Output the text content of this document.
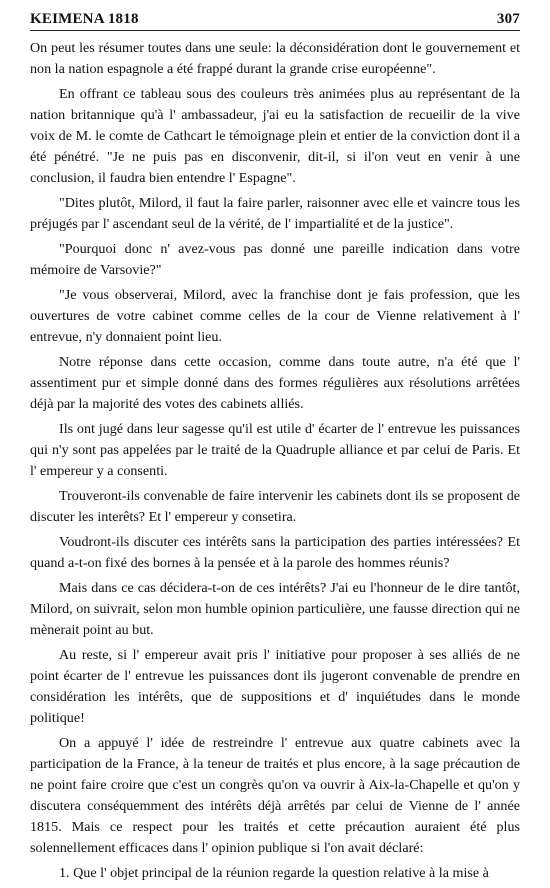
KEIMENA 1818	307

On peut les résumer toutes dans une seule: la déconsidération dont le gouvernement et non la nation espagnole a été frappé durant la grande crise européenne".

En offrant ce tableau sous des couleurs très animées plus au représentant de la nation britannique qu'à l' ambassadeur, j'ai eu la satisfaction de recueilir de la vive voix de M. le comte de Cathcart le témoignage plein et entier de la conviction dont il a été pénétré. "Je ne puis pas en disconvenir, dit-il, si il'on veut en venir à une conclusion, il faudra bien entendre l' Espagne".

"Dites plutôt, Milord, il faut la faire parler, raisonner avec elle et vaincre tous les préjugés par l' ascendant seul de la vérité, de l' impartialité et de la justice".

"Pourquoi donc n' avez-vous pas donné une pareille indication dans votre mémoire de Varsovie?"

"Je vous observerai, Milord, avec la franchise dont je fais profession, que les ouvertures de votre cabinet comme celles de la cour de Vienne relativement à l' entrevue, n'y donnaient point lieu.

Notre réponse dans cette occasion, comme dans toute autre, n'a été que l' assentiment pur et simple donné dans des formes régulières aux résolutions arrêtées déjà par la majorité des votes des cabinets alliés.

Ils ont jugé dans leur sagesse qu'il est utile d' écarter de l' entrevue les puissances qui n'y sont pas appelées par le traité de la Quadruple alliance et par celui de Paris. Et l' empereur y a consenti.

Trouveront-ils convenable de faire intervenir les cabinets dont ils se proposent de discuter les interêts? Et l' empereur y consetira.

Voudront-ils discuter ces intérêts sans la participation des parties intéressées? Et quand a-t-on fixé des bornes à la pensée et à la parole des hommes réunis?

Mais dans ce cas décidera-t-on de ces intérêts? J'ai eu l'honneur de le dire tantôt, Milord, on suivrait, selon mon humble opinion particulière, une fausse direction qui ne mènerait point au but.

Au reste, si l' empereur avait pris l' initiative pour proposer à ses alliés de ne point écarter de l' entrevue les puissances dont ils jugeront convenable de prendre en considération les intérêts, que de suppositions et d' inquiétudes dans le monde politique!

On a appuyé l' idée de restreindre l' entrevue aux quatre cabinets avec la participation de la France, à la teneur de traités et plus encore, à la sage précaution de ne point faire croire que c'est un congrès qu'on va ouvrir à Aix-la-Chapelle et qu'on y discutera conséquemment des intérêts déjà arrêtés par celui de Vienne de l' année 1815. Mais ce respect pour les traités et cette précaution auraient été plus solennellement efficaces dans l' opinion publique si l'on avait déclaré:

1. Que l' objet principal de la réunion regarde la question relative à la mise à
